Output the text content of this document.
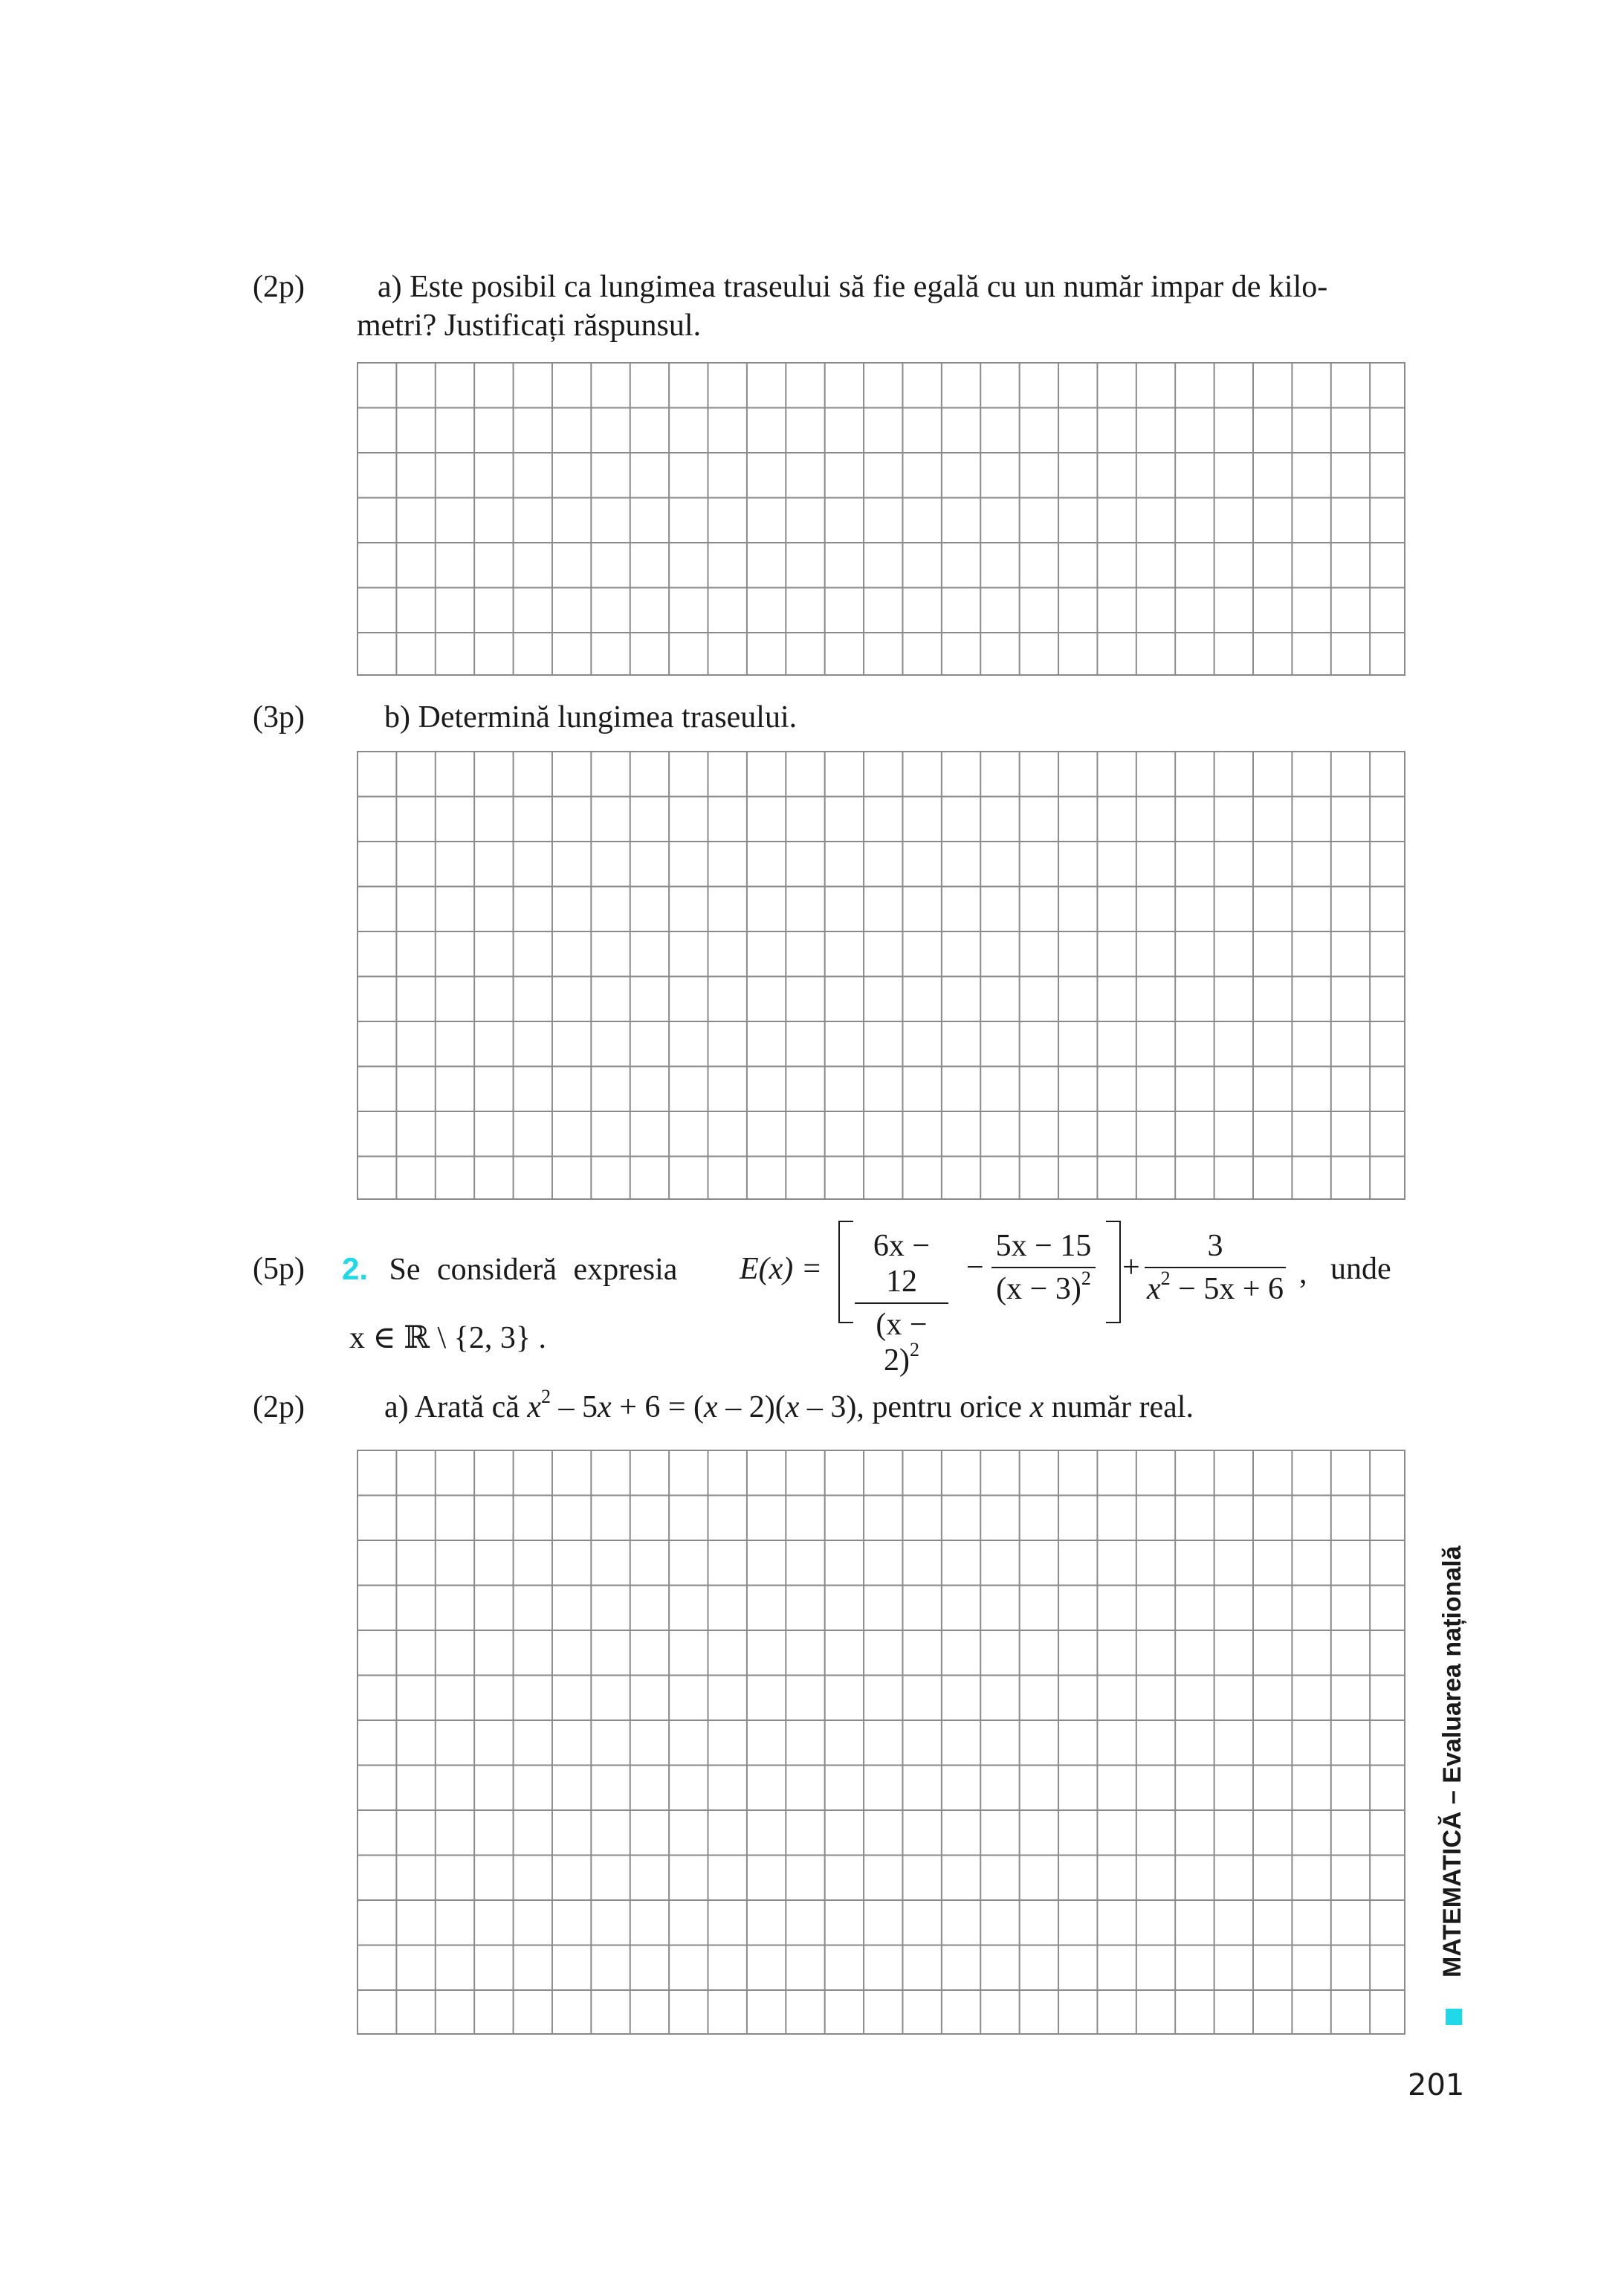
(2p) a) Este posibil ca lungimea traseului să fie egală cu un număr impar de kilo-
metri? Justificați răspunsul.
(3p)	b) Determină lungimea traseului.
(5p) 2. Se consideră expresia E(x) =
6x − 12
$(x - 2)^2$
−
5x − 15
$(x - 3)^2$ +
3
$x^2 - 5x + 6$ , unde
x ∈ ℝ \ {2, 3} .
(2p)	a) Arată că $x^2 - 5x + 6 = (x - 2)(x - 3)$, pentru orice x număr real.
MATEMATICĂ – Evaluarea națională
201
